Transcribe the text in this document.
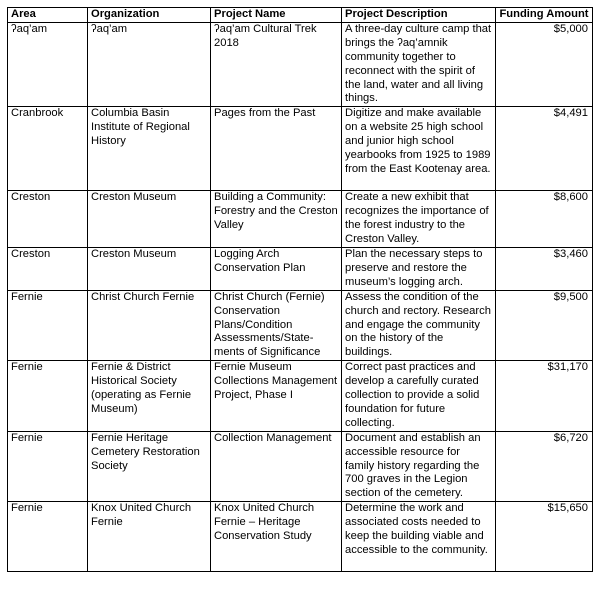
Area	Organization	Project Name	Project Description	Funding Amount
ʔaq’am	ʔaq’am	ʔaq’am Cultural Trek 2018	A three-day culture camp that brings the ʔaq’amnik community together to reconnect with the spirit of the land, water and all living things.	$5,000
Cranbrook	Columbia Basin Institute of Regional History	Pages from the Past	Digitize and make available on a website 25 high school and junior high school yearbooks from 1925 to 1989 from the East Kootenay area.	$4,491
Creston	Creston Museum	Building a Community: Forestry and the Creston Valley	Create a new exhibit that recognizes the importance of the forest industry to the Creston Valley.	$8,600
Creston	Creston Museum	Logging Arch Conservation Plan	Plan the necessary steps to preserve and restore the museum’s logging arch.	$3,460
Fernie	Christ Church Fernie	Christ Church (Fernie) Conservation Plans/Condition Assessments/State-ments of Significance	Assess the condition of the church and rectory. Research and engage the community on the history of the buildings.	$9,500
Fernie	Fernie & District Historical Society (operating as Fernie Museum)	Fernie Museum Collections Management Project, Phase I	Correct past practices and develop a carefully curated collection to provide a solid foundation for future collecting.	$31,170
Fernie	Fernie Heritage Cemetery Restoration Society	Collection Management	Document and establish an accessible resource for family history regarding the 700 graves in the Legion section of the cemetery.	$6,720
Fernie	Knox United Church Fernie	Knox United Church Fernie – Heritage Conservation Study	Determine the work and associated costs needed to keep the building viable and accessible to the community.	$15,650
